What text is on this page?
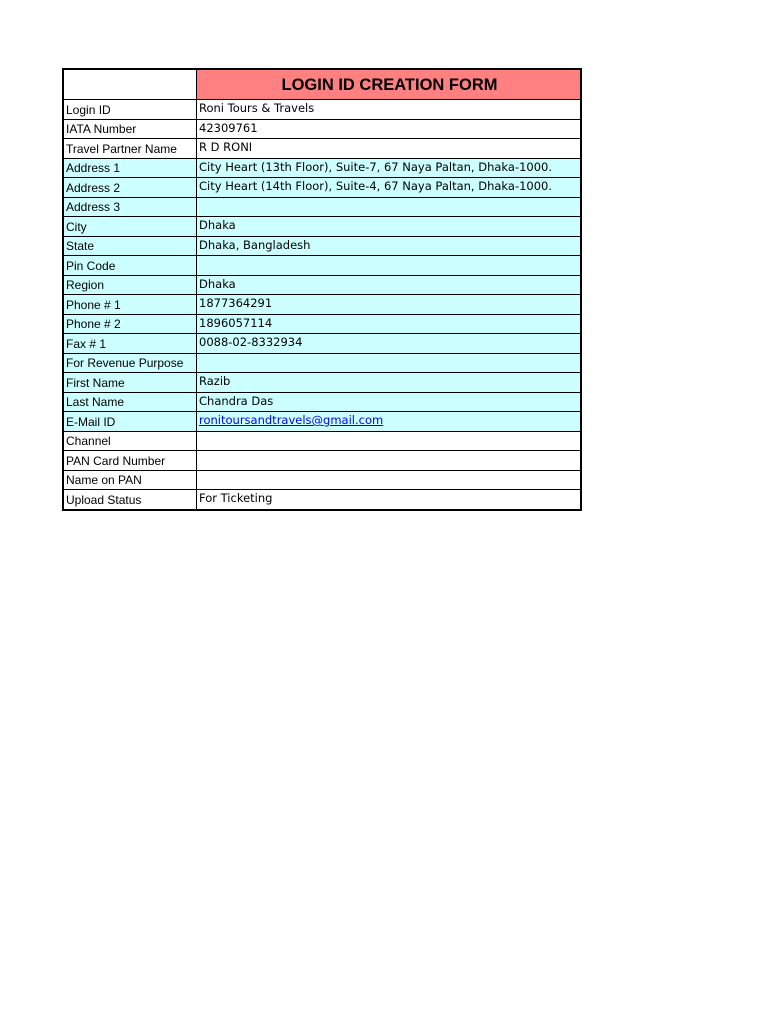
	LOGIN ID CREATION FORM
Login ID	Roni Tours & Travels
IATA Number	42309761
Travel Partner Name	R D RONI
Address 1	City Heart (13th Floor), Suite-7, 67 Naya Paltan, Dhaka-1000.
Address 2	City Heart (14th Floor), Suite-4, 67 Naya Paltan, Dhaka-1000.
Address 3	
City	Dhaka
State	Dhaka, Bangladesh
Pin Code	
Region	Dhaka
Phone # 1	1877364291
Phone # 2	1896057114
Fax # 1	0088-02-8332934
For Revenue Purpose	
First Name	Razib
Last Name	Chandra Das
E-Mail ID	ronitoursandtravels@gmail.com
Channel	
PAN Card Number	
Name on PAN	
Upload Status	For Ticketing
